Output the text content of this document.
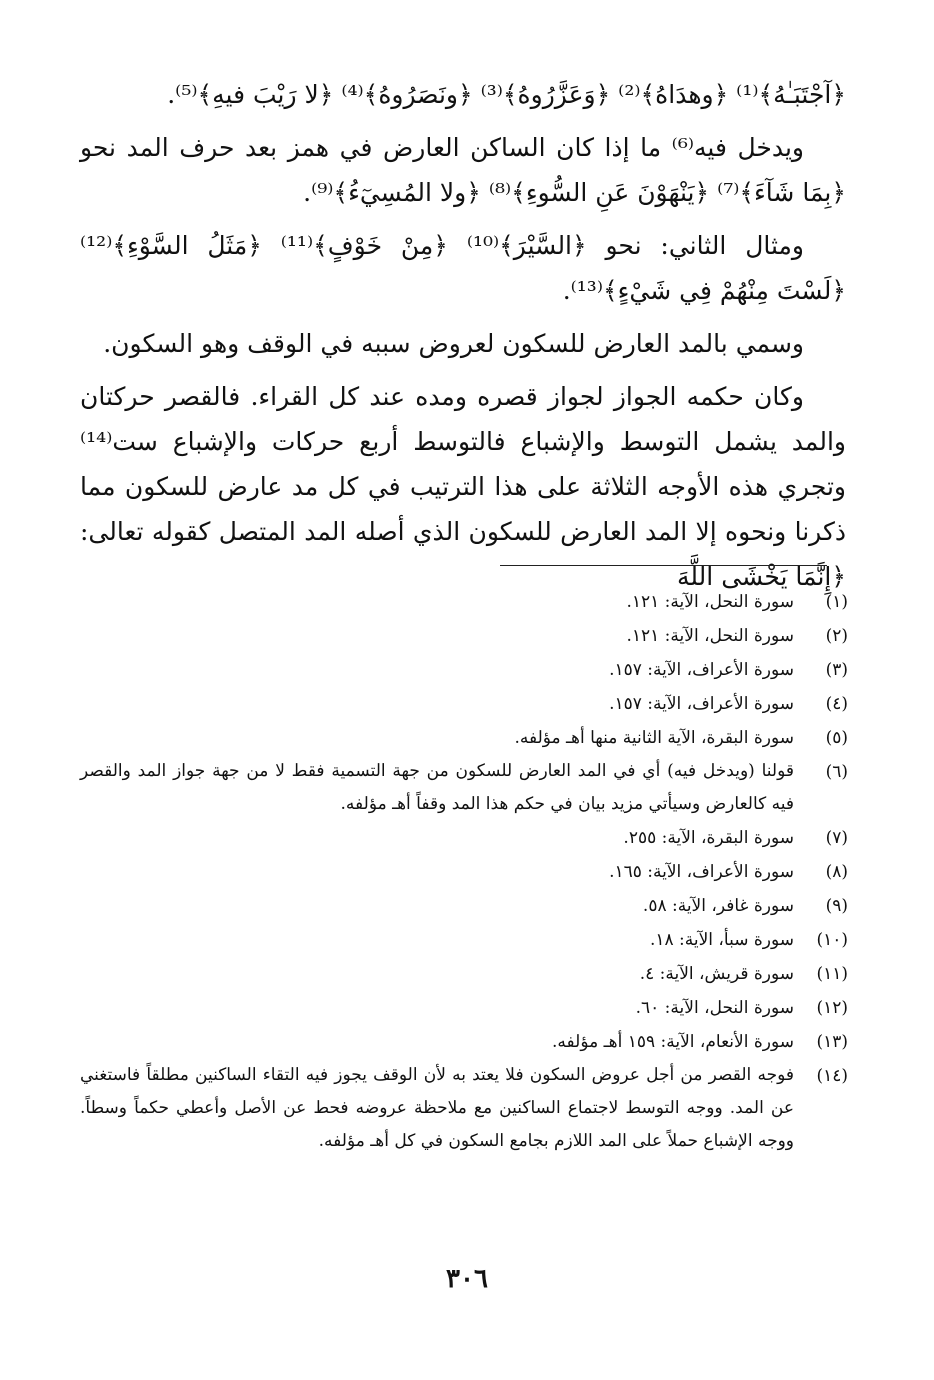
﴿آجْتَبَـٰهُ﴾⁽¹⁾ ﴿وهدَاهُ﴾⁽²⁾ ﴿وَعَزَّرُوهُ﴾⁽³⁾ ﴿ونَصَرُوهُ﴾⁽⁴⁾ ﴿لا رَيْبَ فيهِ﴾⁽⁵⁾.

ويدخل فيه⁽⁶⁾ ما إذا كان الساكن العارض في همز بعد حرف المد نحو ﴿بِمَا شَآءَ﴾⁽⁷⁾ ﴿يَنْهَوْنَ عَنِ السُّوءِ﴾⁽⁸⁾ ﴿ولا المُسِيٓءُ﴾⁽⁹⁾.

ومثال الثاني: نحو ﴿السَّيْرَ﴾⁽¹⁰⁾ ﴿مِنْ خَوْفٍ﴾⁽¹¹⁾ ﴿مَثَلُ السَّوْءِ﴾⁽¹²⁾ ﴿لَسْتَ مِنْهُمْ فِي شَيْءٍ﴾⁽¹³⁾.

وسمي بالمد العارض للسكون لعروض سببه في الوقف وهو السكون.

وكان حكمه الجواز لجواز قصره ومده عند كل القراء. فالقصر حركتان والمد يشمل التوسط والإشباع فالتوسط أربع حركات والإشباع ست⁽¹⁴⁾ وتجري هذه الأوجه الثلاثة على هذا الترتيب في كل مد عارض للسكون مما ذكرنا ونحوه إلا المد العارض للسكون الذي أصله المد المتصل كقوله تعالى: ﴿إِنَّمَا يَخْشَى اللَّهَ

(١)
سورة النحل، الآية: ١٢١.
(٢)
سورة النحل، الآية: ١٢١.
(٣)
سورة الأعراف، الآية: ١٥٧.
(٤)
سورة الأعراف، الآية: ١٥٧.
(٥)
سورة البقرة، الآية الثانية منها أهـ مؤلفه.
(٦)
قولنا (ويدخل فيه) أي في المد العارض للسكون من جهة التسمية فقط لا من جهة جواز المد والقصر فيه كالعارض وسيأتي مزيد بيان في حكم هذا المد وقفاً أهـ مؤلفه.
(٧)
سورة البقرة، الآية: ٢٥٥.
(٨)
سورة الأعراف، الآية: ١٦٥.
(٩)
سورة غافر، الآية: ٥٨.
(١٠)
سورة سبأ، الآية: ١٨.
(١١)
سورة قريش، الآية: ٤.
(١٢)
سورة النحل، الآية: ٦٠.
(١٣)
سورة الأنعام، الآية: ١٥٩ أهـ مؤلفه.
(١٤)
فوجه القصر من أجل عروض السكون فلا يعتد به لأن الوقف يجوز فيه التقاء الساكنين مطلقاً فاستغني عن المد. ووجه التوسط لاجتماع الساكنين مع ملاحظة عروضه فحط عن الأصل وأعطي حكماً وسطاً. ووجه الإشباع حملاً على المد اللازم بجامع السكون في كل أهـ مؤلفه.
٣٠٦
